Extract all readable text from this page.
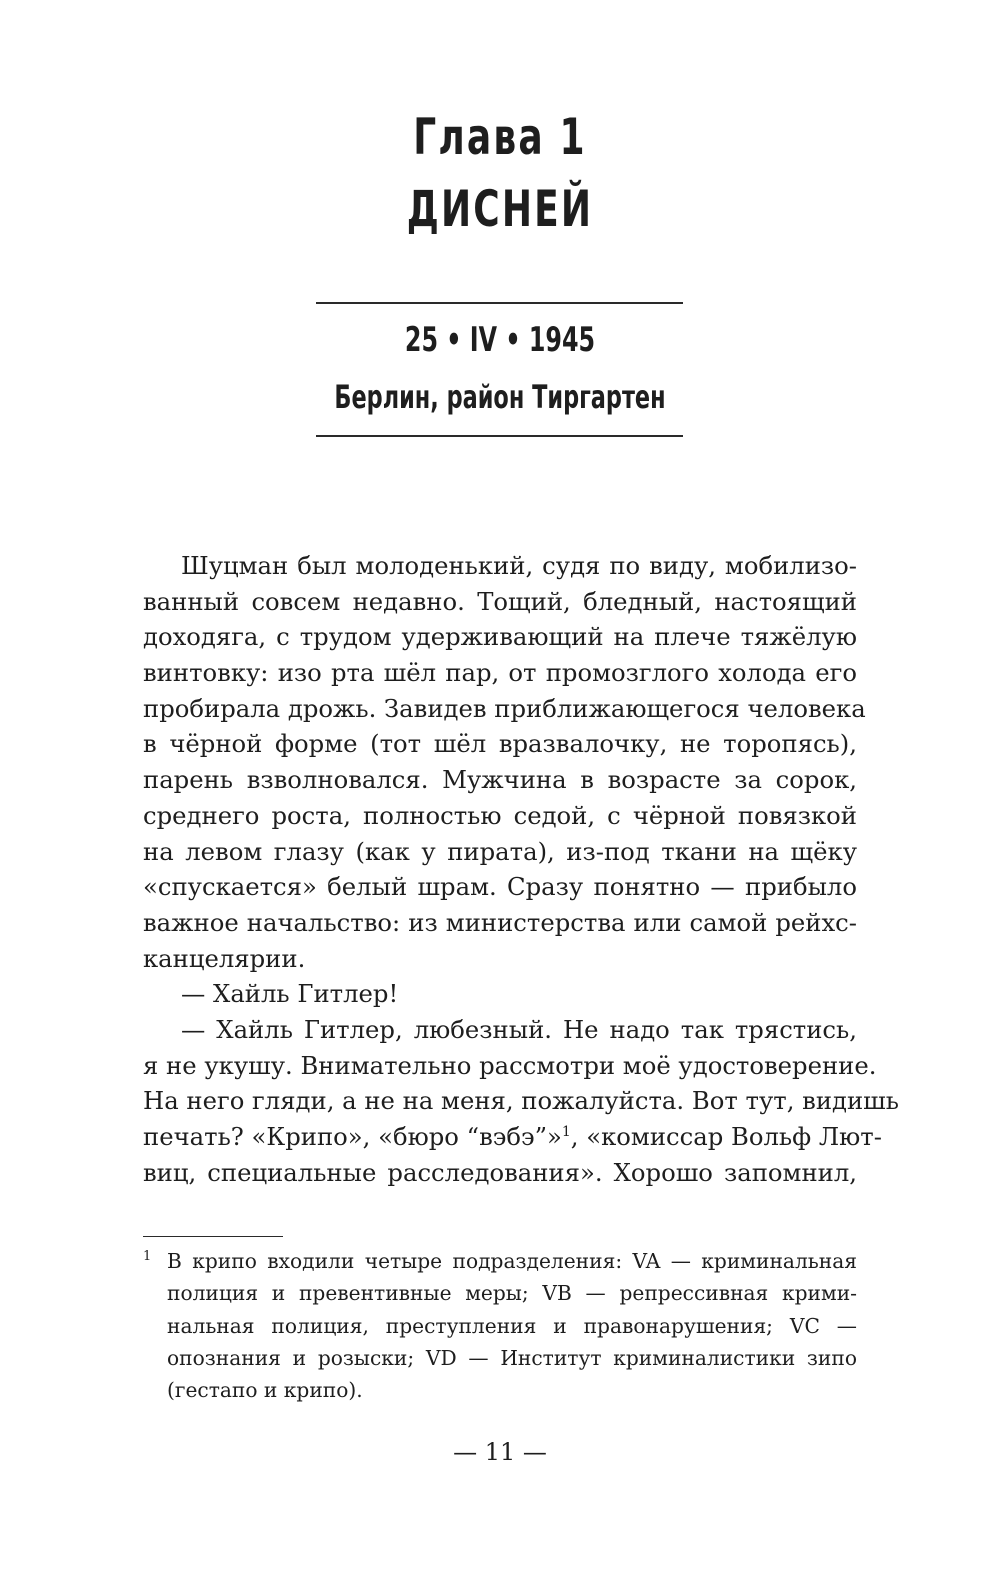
Глава 1
ДИСНЕЙ
25 • IV • 1945
Берлин, район Тиргартен
Шуцман был молоденький, судя по виду, мобилизо-
ванный совсем недавно. Тощий, бледный, настоящий
доходяга, с трудом удерживающий на плече тяжёлую
винтовку: изо рта шёл пар, от промозглого холода его
пробирала дрожь. Завидев приближающегося человека
в чёрной форме (тот шёл вразвалочку, не торопясь),
парень взволновался. Мужчина в возрасте за сорок,
среднего роста, полностью седой, с чёрной повязкой
на левом глазу (как у пирата), из-под ткани на щёку
«спускается» белый шрам. Сразу понятно — прибыло
важное начальство: из министерства или самой рейхс-
канцелярии.
— Хайль Гитлер!
— Хайль Гитлер, любезный. Не надо так трястись,
я не укушу. Внимательно рассмотри моё удостоверение.
На него гляди, а не на меня, пожалуйста. Вот тут, видишь
печать? «Крипо», «бюро “вэбэ”»$^1$, «комиссар Вольф Лют-
виц, специальные расследования». Хорошо запомнил,
1 В крипо входили четыре подразделения: VA — криминальная
полиция и превентивные меры; VB — репрессивная крими-
нальная полиция, преступления и правонарушения; VC —
опознания и розыски; VD — Институт криминалистики зипо
(гестапо и крипо).
— 11 —
